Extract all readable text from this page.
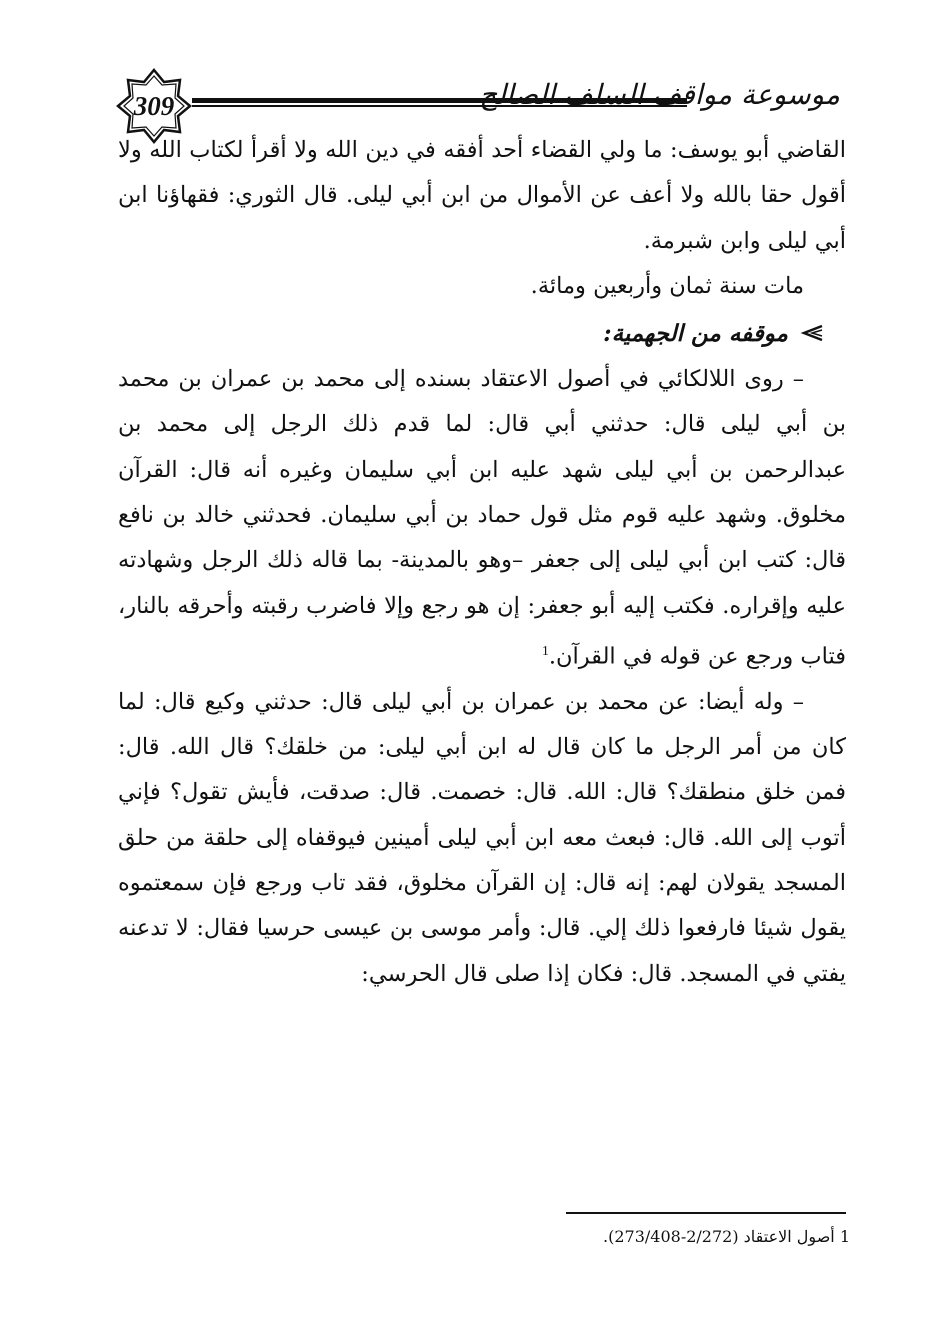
309	موسوعة مواقف السلف الصالح

القاضي أبو يوسف: ما ولي القضاء أحد أفقه في دين الله ولا أقرأ لكتاب الله ولا أقول حقا بالله ولا أعف عن الأموال من ابن أبي ليلى. قال الثوري: فقهاؤنا ابن أبي ليلى وابن شبرمة.

مات سنة ثمان وأربعين ومائة.

موقفه من الجهمية:

– روى اللالكائي في أصول الاعتقاد بسنده إلى محمد بن عمران بن محمد بن أبي ليلى قال: حدثني أبي قال: لما قدم ذلك الرجل إلى محمد بن عبدالرحمن بن أبي ليلى شهد عليه ابن أبي سليمان وغيره أنه قال: القرآن مخلوق. وشهد عليه قوم مثل قول حماد بن أبي سليمان. فحدثني خالد بن نافع قال: كتب ابن أبي ليلى إلى جعفر –وهو بالمدينة- بما قاله ذلك الرجل وشهادته عليه وإقراره. فكتب إليه أبو جعفر: إن هو رجع وإلا فاضرب رقبته وأحرقه بالنار، فتاب ورجع عن قوله في القرآن.$^1$

– وله أيضا: عن محمد بن عمران بن أبي ليلى قال: حدثني وكيع قال: لما كان من أمر الرجل ما كان قال له ابن أبي ليلى: من خلقك؟ قال الله. قال: فمن خلق منطقك؟ قال: الله. قال: خصمت. قال: صدقت، فأيش تقول؟ فإني أتوب إلى الله. قال: فبعث معه ابن أبي ليلى أمينين فيوقفاه إلى حلقة من حلق المسجد يقولان لهم: إنه قال: إن القرآن مخلوق، فقد تاب ورجع فإن سمعتموه يقول شيئا فارفعوا ذلك إلي. قال: وأمر موسى بن عيسى حرسيا فقال: لا تدعنه يفتي في المسجد. قال: فكان إذا صلى قال الحرسي:

1 أصول الاعتقاد (2/272-273/408).
